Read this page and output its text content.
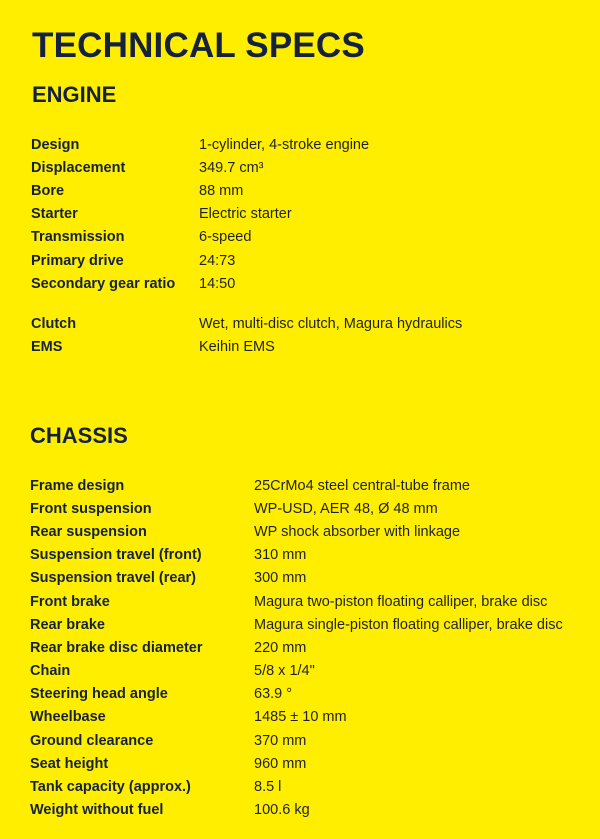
TECHNICAL SPECS
ENGINE
Design	1-cylinder, 4-stroke engine
Displacement	349.7 cm³
Bore	88 mm
Starter	Electric starter
Transmission	6-speed
Primary drive	24:73
Secondary gear ratio	14:50
Clutch	Wet, multi-disc clutch, Magura hydraulics
EMS	Keihin EMS
CHASSIS
Frame design	25CrMo4 steel central-tube frame
Front suspension	WP-USD, AER 48, Ø 48 mm
Rear suspension	WP shock absorber with linkage
Suspension travel (front)	310 mm
Suspension travel (rear)	300 mm
Front brake	Magura two-piston floating calliper, brake disc
Rear brake	Magura single-piston floating calliper, brake disc
Rear brake disc diameter	220 mm
Chain	5/8 x 1/4"
Steering head angle	63.9 °
Wheelbase	1485 ± 10 mm
Ground clearance	370 mm
Seat height	960 mm
Tank capacity (approx.)	8.5 l
Weight without fuel	100.6 kg
